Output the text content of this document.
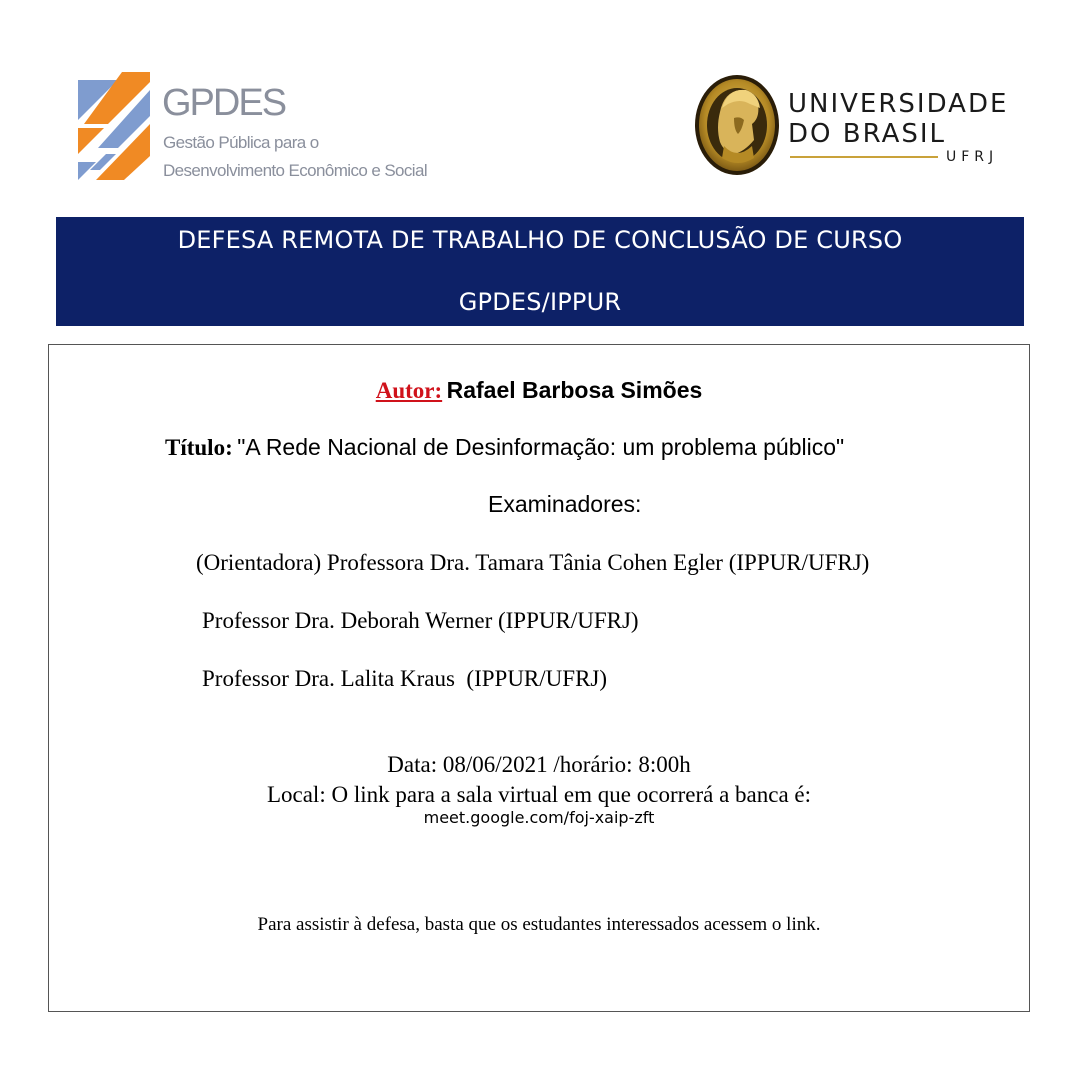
GPDES
Gestão Pública para o
Desenvolvimento Econômico e Social
UNIVERSIDADE
DO BRASIL
UFRJ
DEFESA REMOTA DE TRABALHO DE CONCLUSÃO DE CURSO
GPDES/IPPUR
Autor: Rafael Barbosa Simões
Título: "A Rede Nacional de Desinformação: um problema público"
Examinadores:
(Orientadora) Professora Dra. Tamara Tânia Cohen Egler (IPPUR/UFRJ)
Professor Dra. Deborah Werner (IPPUR/UFRJ)
Professor Dra. Lalita Kraus  (IPPUR/UFRJ)
Data: 08/06/2021 /horário: 8:00h
Local: O link para a sala virtual em que ocorrerá a banca é:
meet.google.com/foj-xaip-zft
Para assistir à defesa, basta que os estudantes interessados acessem o link.
